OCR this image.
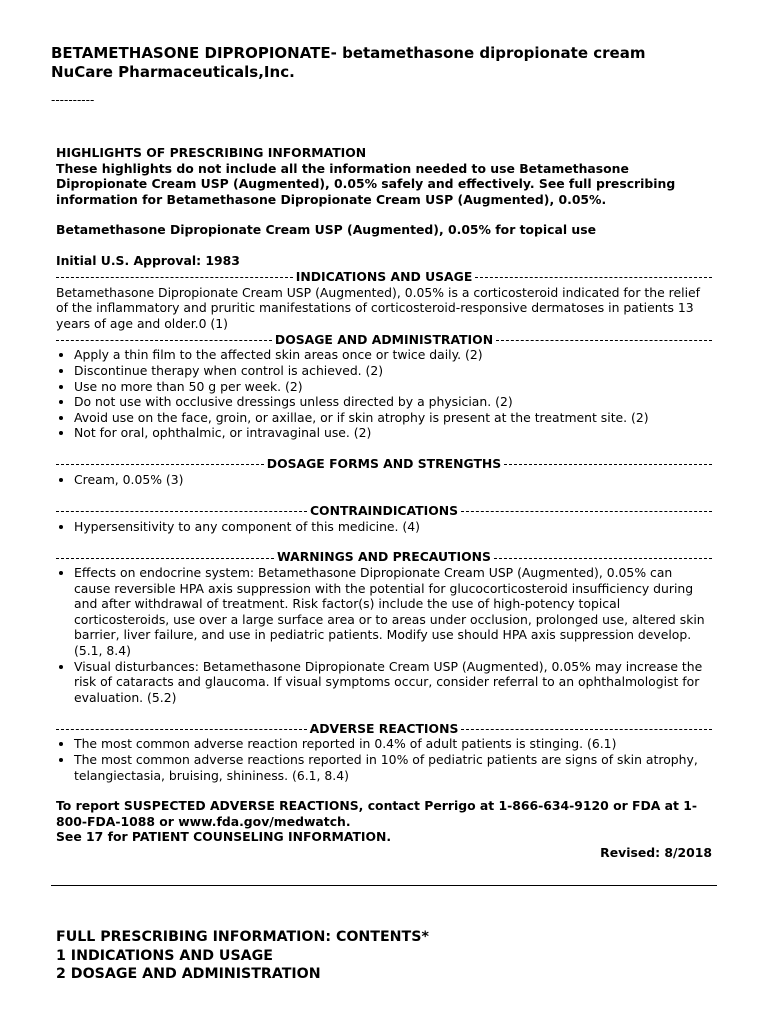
BETAMETHASONE DIPROPIONATE- betamethasone dipropionate cream
NuCare Pharmaceuticals,Inc.
----------

HIGHLIGHTS OF PRESCRIBING INFORMATION

These highlights do not include all the information needed to use Betamethasone Dipropionate Cream USP (Augmented), 0.05% safely and effectively. See full prescribing information for Betamethasone Dipropionate Cream USP (Augmented), 0.05%.

Betamethasone Dipropionate Cream USP (Augmented), 0.05% for topical use

Initial U.S. Approval: 1983

INDICATIONS AND USAGE

Betamethasone Dipropionate Cream USP (Augmented), 0.05% is a corticosteroid indicated for the relief of the inflammatory and pruritic manifestations of corticosteroid-responsive dermatoses in patients 13 years of age and older.0 (1)

DOSAGE AND ADMINISTRATION
• Apply a thin film to the affected skin areas once or twice daily. (2)
• Discontinue therapy when control is achieved. (2)
• Use no more than 50 g per week. (2)
• Do not use with occlusive dressings unless directed by a physician. (2)
• Avoid use on the face, groin, or axillae, or if skin atrophy is present at the treatment site. (2)
• Not for oral, ophthalmic, or intravaginal use. (2)
DOSAGE FORMS AND STRENGTHS
• Cream, 0.05% (3)
CONTRAINDICATIONS
• Hypersensitivity to any component of this medicine. (4)
WARNINGS AND PRECAUTIONS
• Effects on endocrine system: Betamethasone Dipropionate Cream USP (Augmented), 0.05% can cause reversible HPA axis suppression with the potential for glucocorticosteroid insufficiency during and after withdrawal of treatment. Risk factor(s) include the use of high-potency topical corticosteroids, use over a large surface area or to areas under occlusion, prolonged use, altered skin barrier, liver failure, and use in pediatric patients. Modify use should HPA axis suppression develop. (5.1, 8.4)
• Visual disturbances: Betamethasone Dipropionate Cream USP (Augmented), 0.05% may increase the risk of cataracts and glaucoma. If visual symptoms occur, consider referral to an ophthalmologist for evaluation. (5.2)
ADVERSE REACTIONS
• The most common adverse reaction reported in 0.4% of adult patients is stinging. (6.1)
• The most common adverse reactions reported in 10% of pediatric patients are signs of skin atrophy, telangiectasia, bruising, shininess. (6.1, 8.4)

To report SUSPECTED ADVERSE REACTIONS, contact Perrigo at 1-866-634-9120 or FDA at 1-800-FDA-1088 or www.fda.gov/medwatch.

See 17 for PATIENT COUNSELING INFORMATION.

Revised: 8/2018

FULL PRESCRIBING INFORMATION: CONTENTS*
1 INDICATIONS AND USAGE
2 DOSAGE AND ADMINISTRATION
